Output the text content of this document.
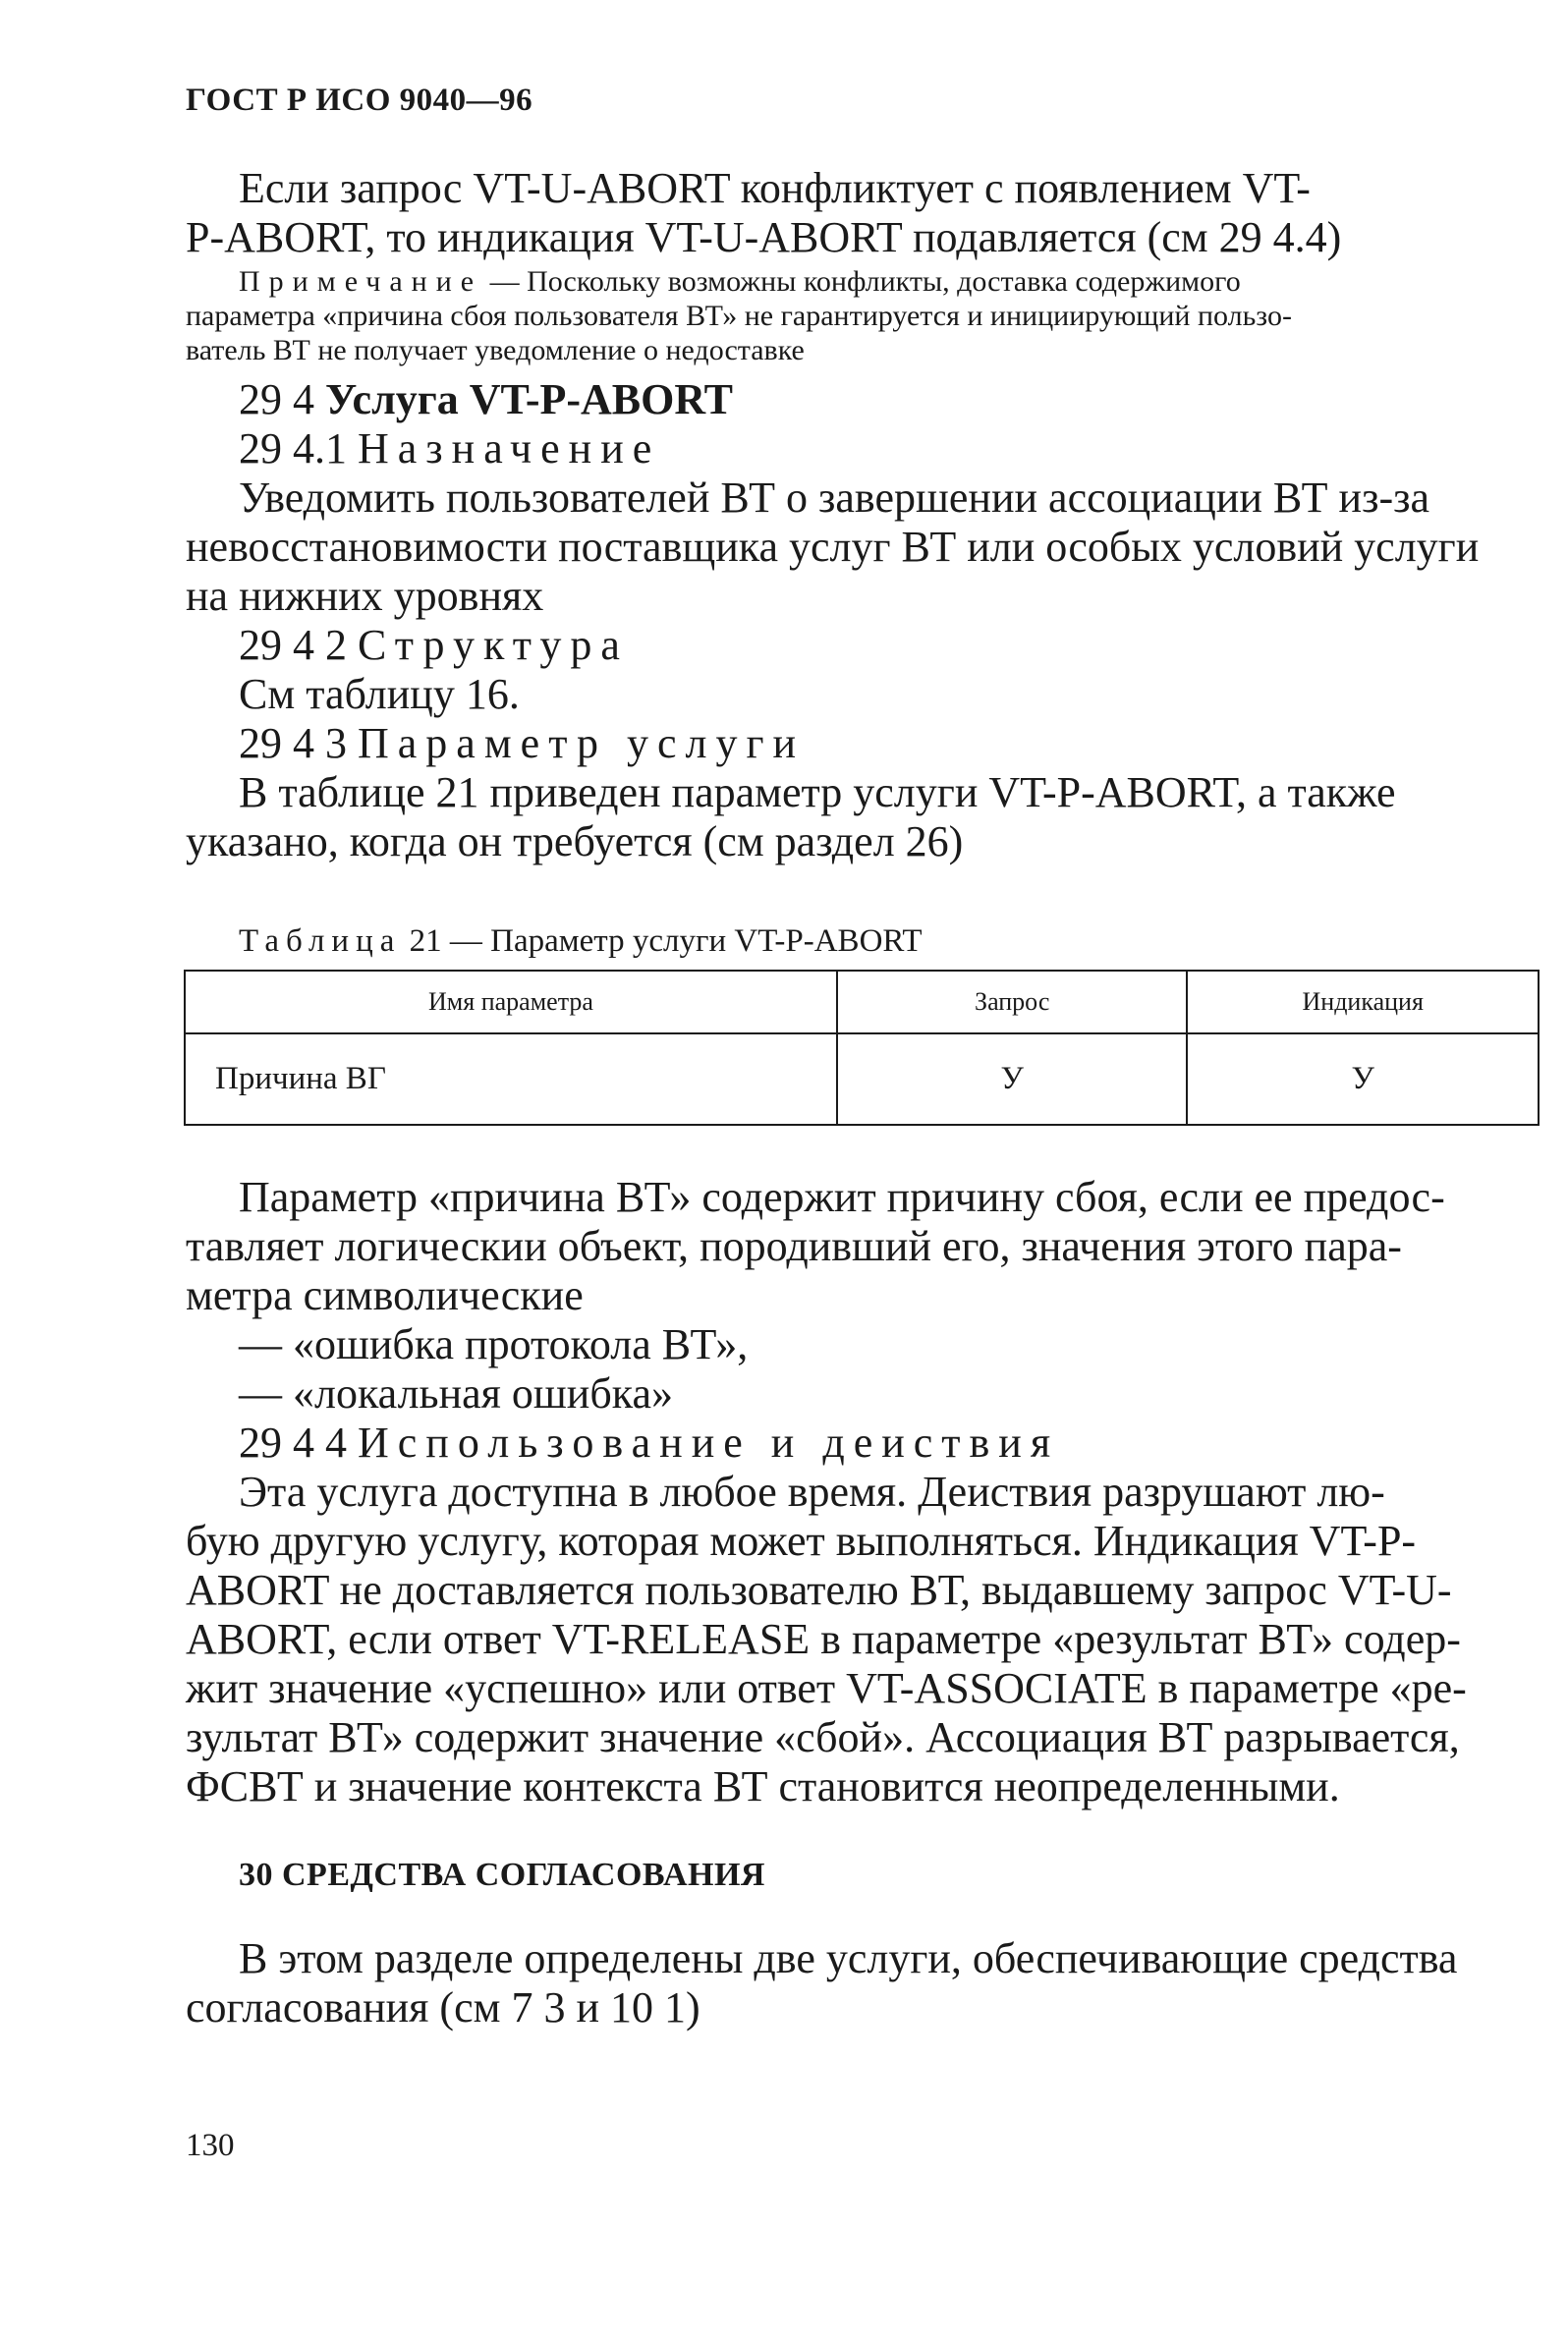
ГОСТ Р ИСО 9040—96
Если запрос VT-U-ABORT конфликтует с появлением VT-
P-ABORT, то индикация VT-U-ABORT подавляется (см 29 4.4)
Примечание — Поскольку возможны конфликты, доставка содержимого
параметра «причина сбоя пользователя ВТ» не гарантируется и инициирующий пользо-
ватель ВТ не получает уведомление о недоставке
29 4 Услуга VT-P-ABORT
29 4.1 Назначение
Уведомить пользователей ВТ о завершении ассоциации ВТ из-за
невосстановимости поставщика услуг ВТ или особых условий услуги
на нижних уровнях
29 4 2 Структура
См таблицу 16.
29 4 3 Параметр услуги
В таблице 21 приведен параметр услуги VT-P-ABORT, а также
указано, когда он требуется (см раздел 26)
Таблица 21 — Параметр услуги VT-P-ABORT
Имя параметра	Запрос	Индикация
Причина ВГ	У	У
Параметр «причина ВТ» содержит причину сбоя, если ее предос-
тавляет логическии объект, породивший его, значения этого пара-
метра символические
— «ошибка протокола ВТ»,
— «локальная ошибка»
29 4 4 Использование и деиствия
Эта услуга доступна в любое время. Деиствия разрушают лю-
бую другую услугу, которая может выполняться. Индикация VT-P-
ABORT не доставляется пользователю ВТ, выдавшему запрос VT-U-
ABORT, если ответ VT-RELEASE в параметре «результат ВТ» содер-
жит значение «успешно» или ответ VT-ASSOCIATE в параметре «ре-
зультат ВТ» содержит значение «сбой». Ассоциация ВТ разрывается,
ФСВТ и значение контекста ВТ становится неопределенными.
30 СРЕДСТВА СОГЛАСОВАНИЯ
В этом разделе определены две услуги, обеспечивающие средства
согласования (см 7 3 и 10 1)
130
